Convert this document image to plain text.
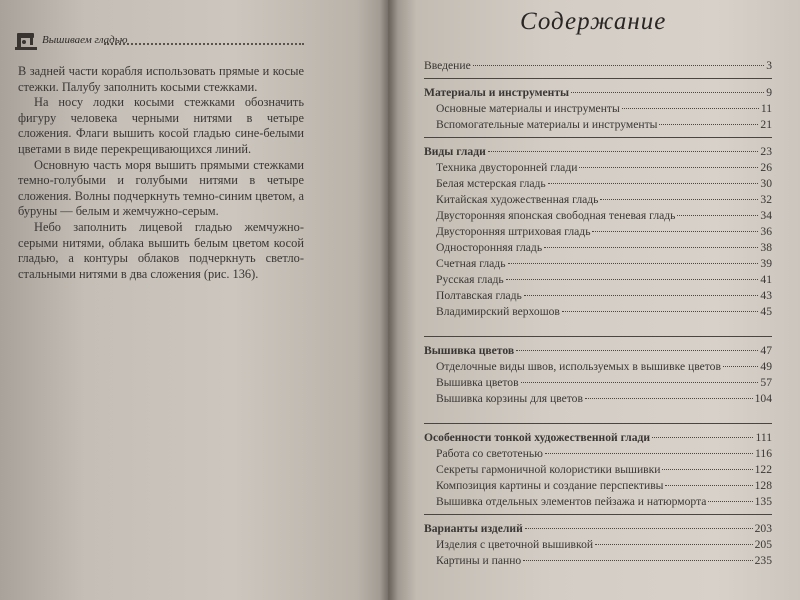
Вышиваем гладью

В задней части корабля использовать прямые и косые стежки. Палубу заполнить косыми стежками.

На носу лодки косыми стежками обозначить фигуру человека черными нитями в четыре сложения. Флаги вышить косой гладью сине-белыми цветами в виде перекрещивающихся линий.

Основную часть моря вышить прямыми стежками темно-голубыми и голубыми нитями в четыре сложения. Волны подчеркнуть темно-синим цветом, а буруны — белым и жемчужно-серым.

Небо заполнить лицевой гладью жемчужно-серыми нитями, облака вышить белым цветом косой гладью, а контуры облаков подчеркнуть светло-стальными нитями в два сложения (рис. 136).

Содержание
Введение	3
Материалы и инструменты	9
Основные материалы и инструменты	11
Вспомогательные материалы и инструменты	21
Виды глади	23
Техника двусторонней глади	26
Белая мстерская гладь	30
Китайская художественная гладь	32
Двусторонняя японская свободная теневая гладь	34
Двусторонняя штриховая гладь	36
Односторонняя гладь	38
Счетная гладь	39
Русская гладь	41
Полтавская гладь	43
Владимирский верхошов	45
Вышивка цветов	47
Отделочные виды швов, используемых в вышивке цветов	49
Вышивка цветов	57
Вышивка корзины для цветов	104
Особенности тонкой художественной глади	111
Работа со светотенью	116
Секреты гармоничной колористики вышивки	122
Композиция картины и создание перспективы	128
Вышивка отдельных элементов пейзажа и натюрморта	135
Варианты изделий	203
Изделия с цветочной вышивкой	205
Картины и панно	235
